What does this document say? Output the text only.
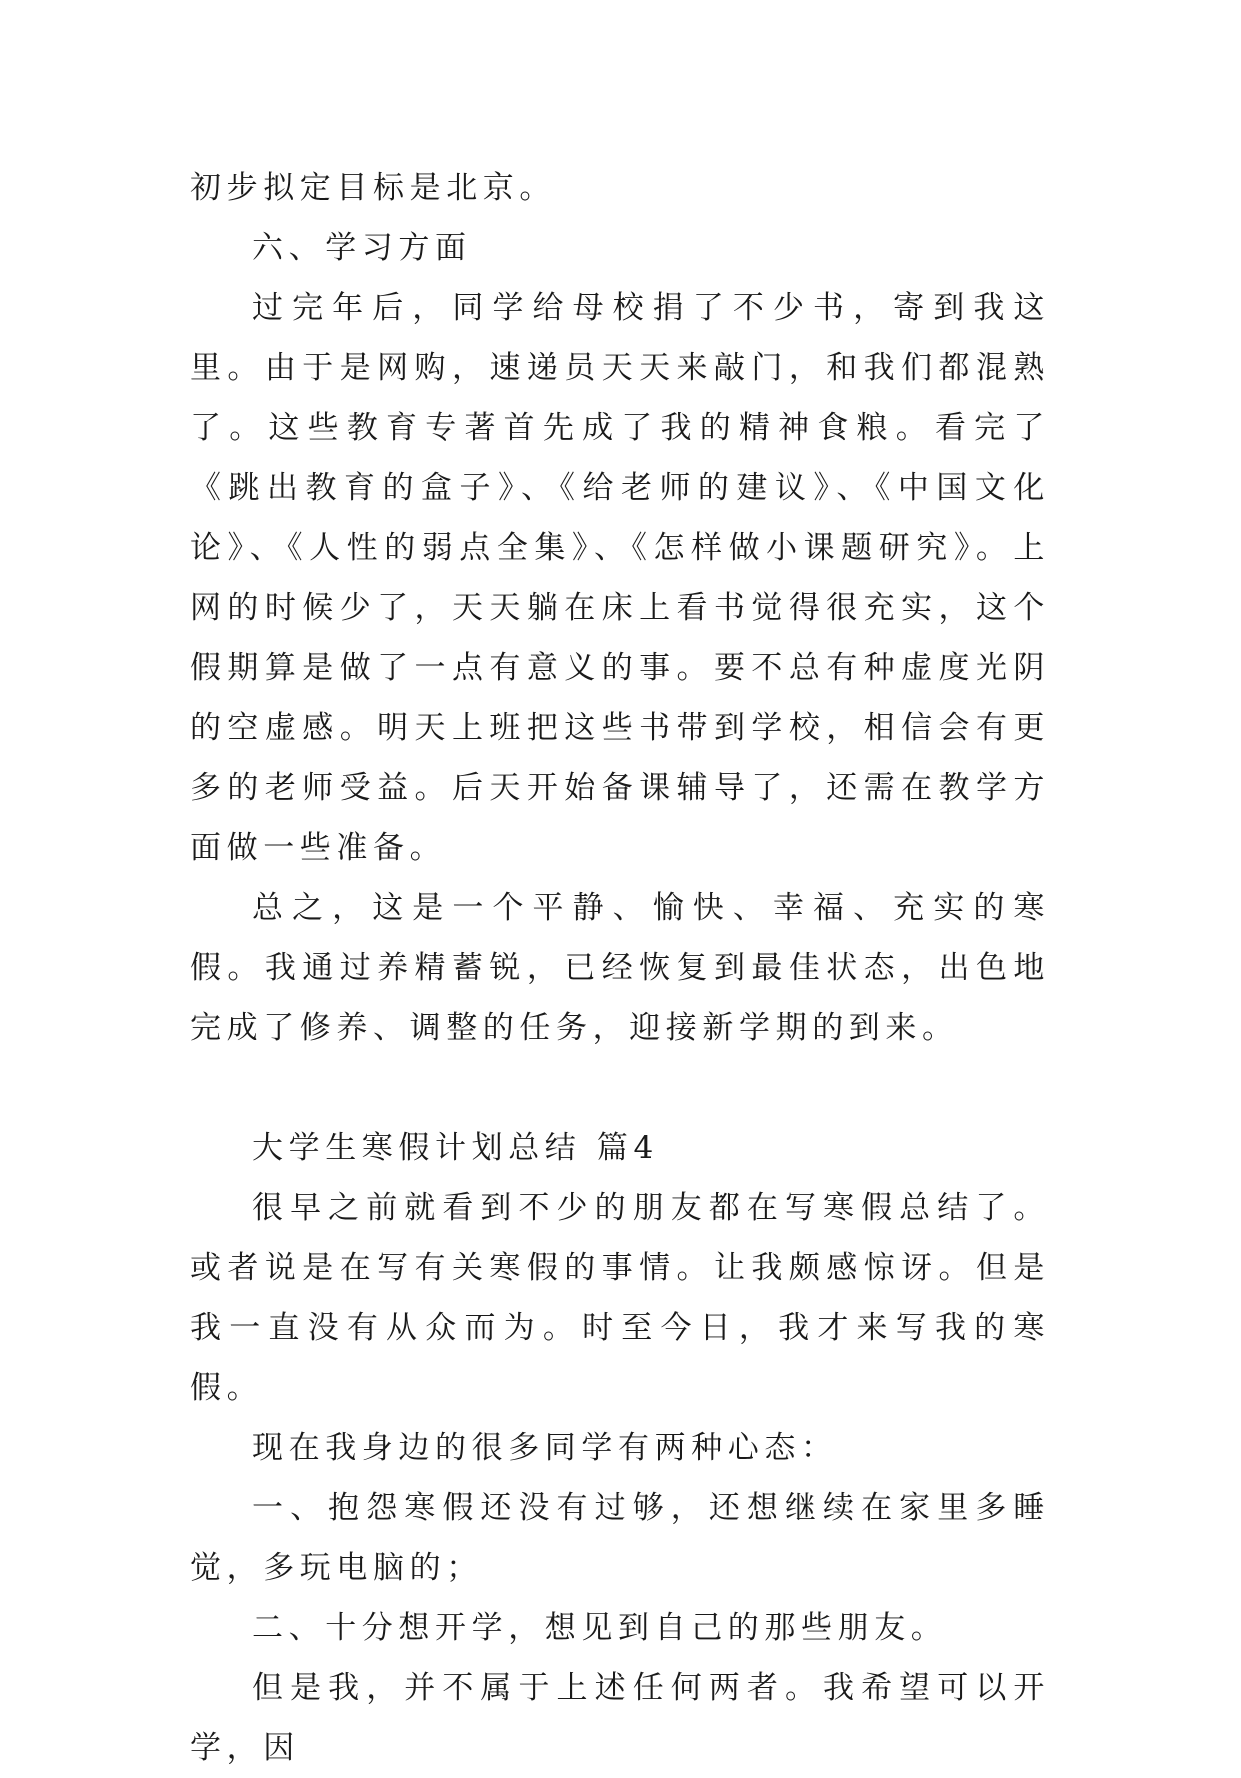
初步拟定目标是北京。

六、学习方面

过完年后，同学给母校捐了不少书，寄到我这里。由于是网购，速递员天天来敲门，和我们都混熟了。这些教育专著首先成了我的精神食粮。看完了《跳出教育的盒子》、《给老师的建议》、《中国文化论》、《人性的弱点全集》、《怎样做小课题研究》。上网的时候少了，天天躺在床上看书觉得很充实，这个假期算是做了一点有意义的事。要不总有种虚度光阴的空虚感。明天上班把这些书带到学校，相信会有更多的老师受益。后天开始备课辅导了，还需在教学方面做一些准备。

总之，这是一个平静、愉快、幸福、充实的寒假。我通过养精蓄锐，已经恢复到最佳状态，出色地完成了修养、调整的任务，迎接新学期的到来。

大学生寒假计划总结 篇4

很早之前就看到不少的朋友都在写寒假总结了。或者说是在写有关寒假的事情。让我颇感惊讶。但是我一直没有从众而为。时至今日，我才来写我的寒假。

现在我身边的很多同学有两种心态：

一、抱怨寒假还没有过够，还想继续在家里多睡觉，多玩电脑的；

二、十分想开学，想见到自己的那些朋友。

但是我，并不属于上述任何两者。我希望可以开学，因
